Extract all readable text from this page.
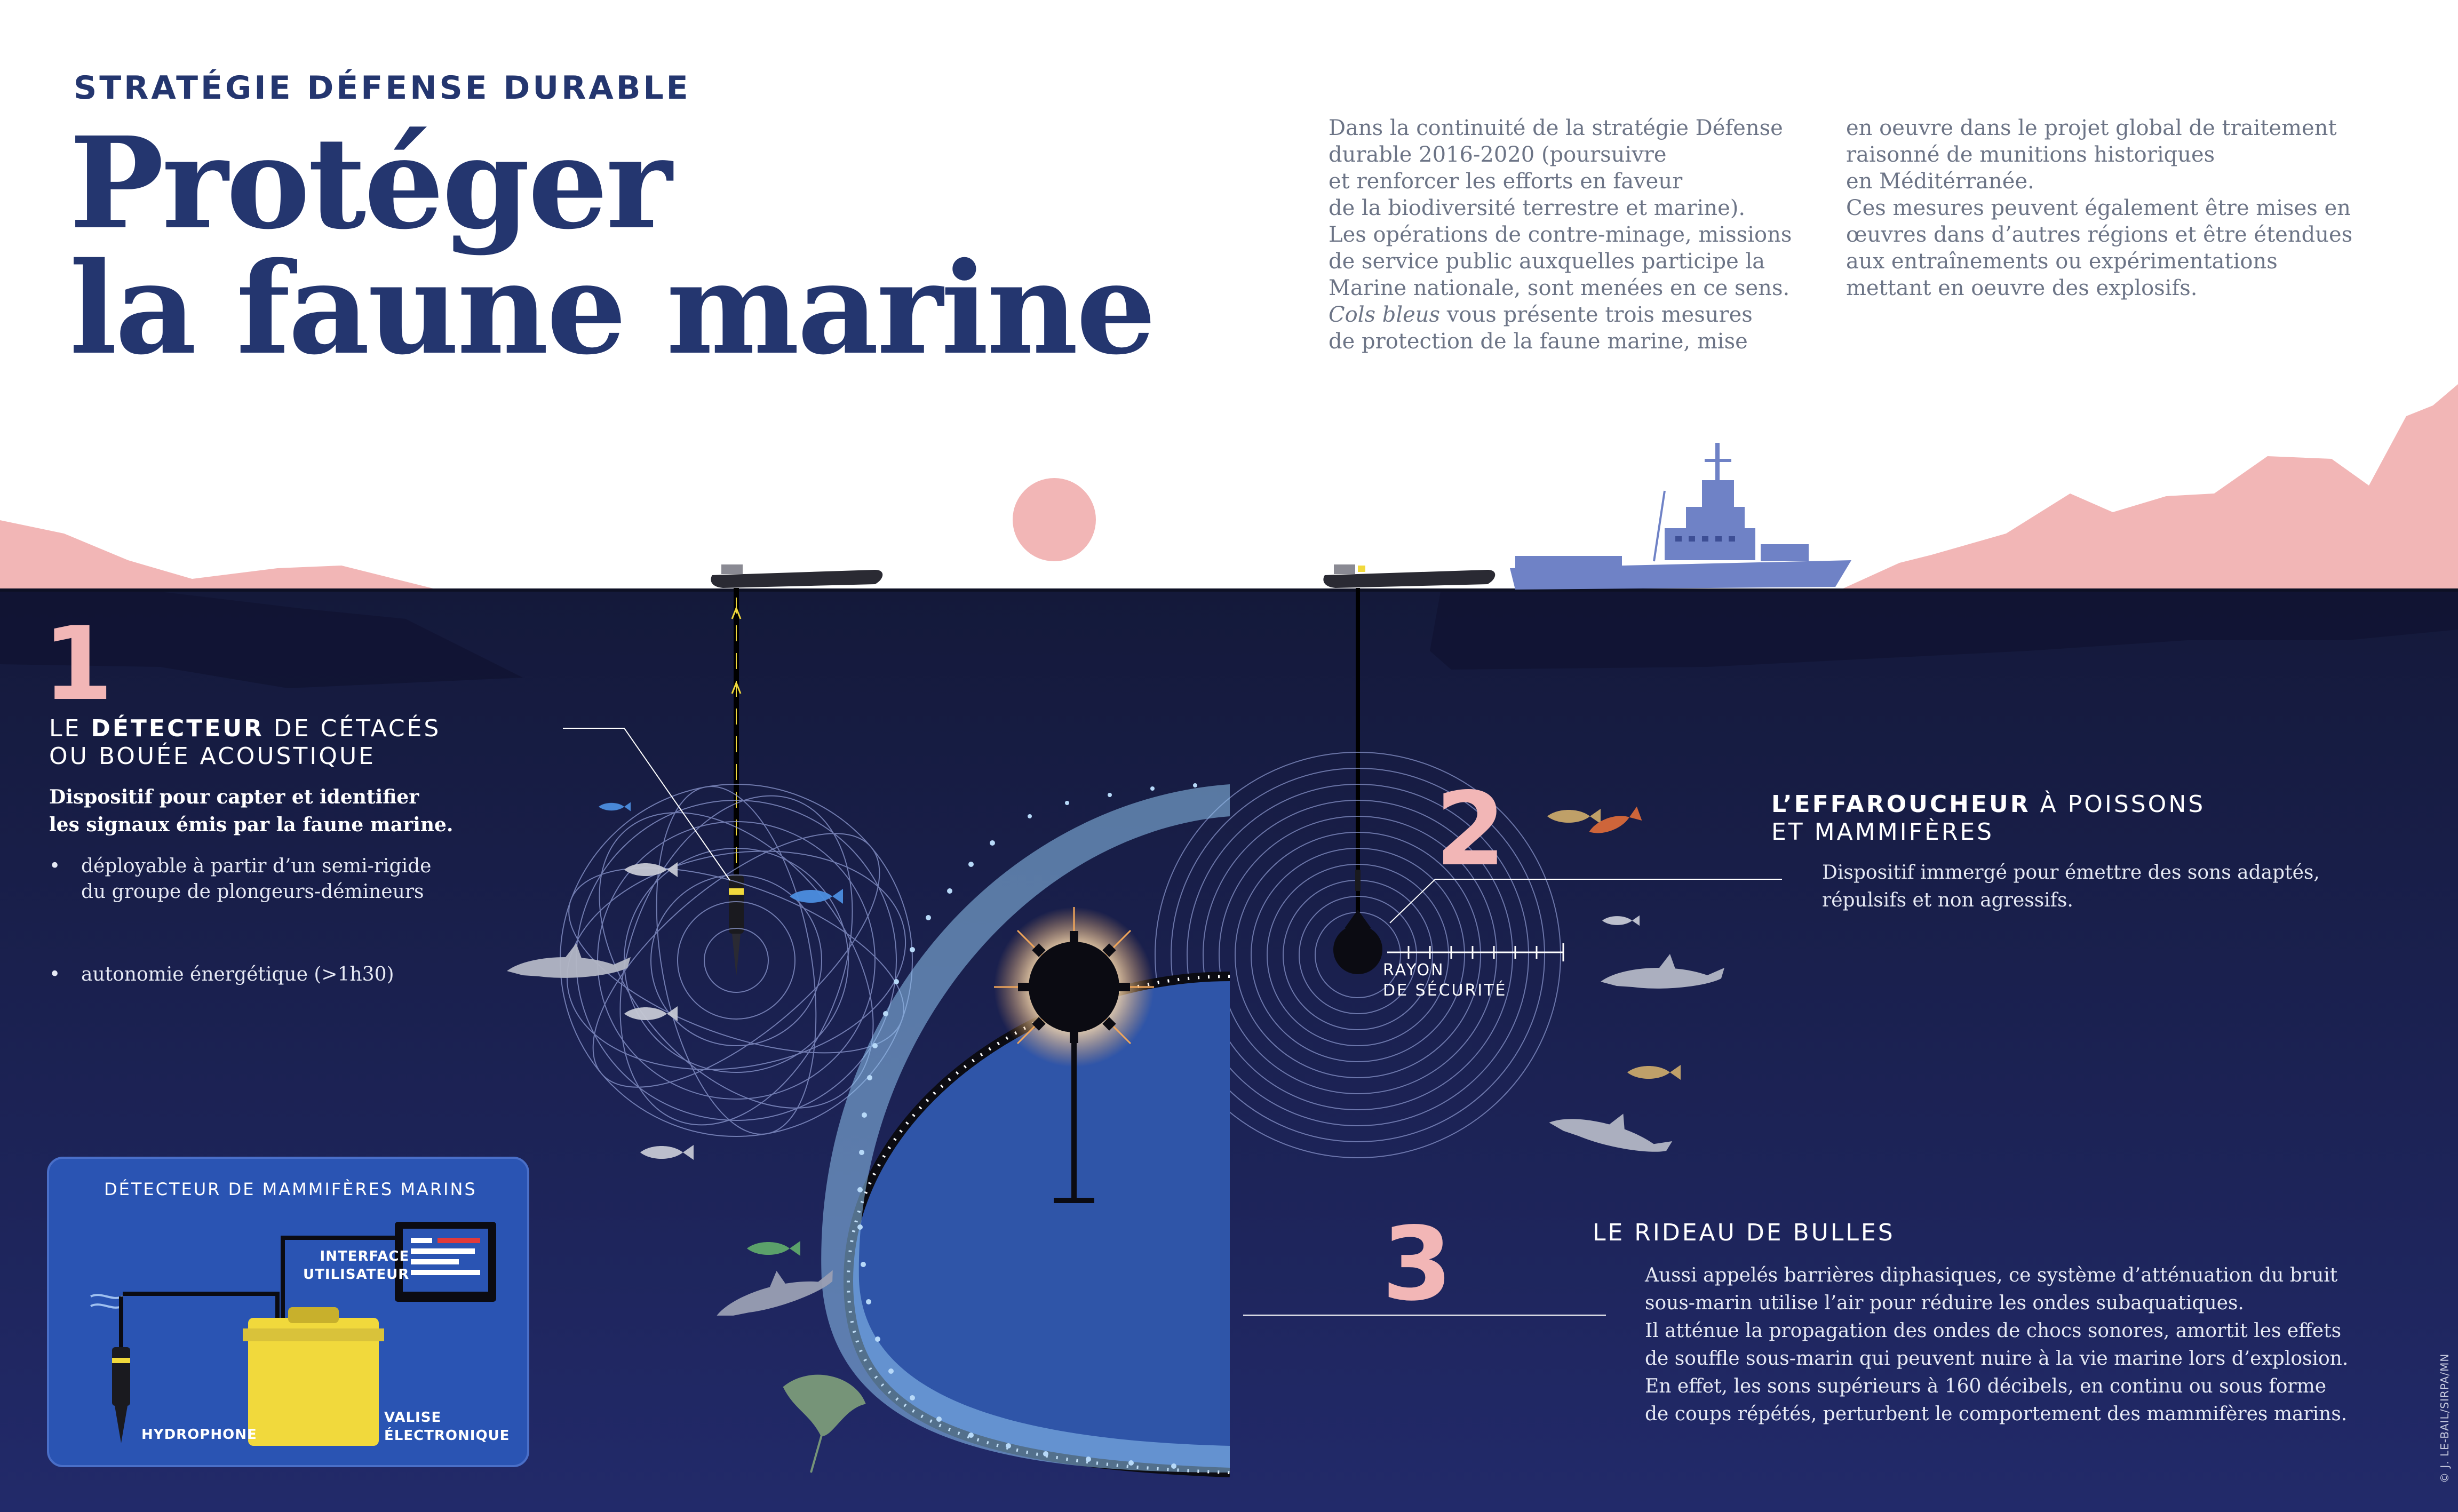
STRATÉGIE DÉFENSE DURABLE
Protéger
la faune marine
Dans la continuité de la stratégie Défense
durable 2016-2020 (poursuivre
et renforcer les efforts en faveur
de la biodiversité terrestre et marine).
Les opérations de contre-minage, missions
de service public auxquelles participe la
Marine nationale, sont menées en ce sens.
Cols bleus vous présente trois mesures
de protection de la faune marine, mise
en oeuvre dans le projet global de traitement
raisonné de munitions historiques
en Méditérranée.
Ces mesures peuvent également être mises en
œuvres dans d’autres régions et être étendues
aux entraînements ou expérimentations
mettant en oeuvre des explosifs.
1
LE DÉTECTEUR DE CÉTACÉS
OU BOUÉE ACOUSTIQUE
Dispositif pour capter et identifier
les signaux émis par la faune marine.
• déployable à partir d’un semi-rigide
du groupe de plongeurs-démineurs
• autonomie énergétique (>1h30)
2	L’EFFAROUCHEUR À POISSONS
ET MAMMIFÈRES
Dispositif immergé pour émettre des sons adaptés,
répulsifs et non agressifs.
RAYON
DE SÉCURITÉ
3	LE RIDEAU DE BULLES
Aussi appelés barrières diphasiques, ce système d’atténuation du bruit
sous-marin utilise l’air pour réduire les ondes subaquatiques.
Il atténue la propagation des ondes de chocs sonores, amortit les effets
de souffle sous-marin qui peuvent nuire à la vie marine lors d’explosion.
En effet, les sons supérieurs à 160 décibels, en continu ou sous forme
de coups répétés, perturbent le comportement des mammifères marins.
DÉTECTEUR DE MAMMIFÈRES MARINS
INTERFACE
UTILISATEUR
HYDROPHONE
VALISE
ÉLECTRONIQUE	© J. LE-BAIL/SIRPA/MN
